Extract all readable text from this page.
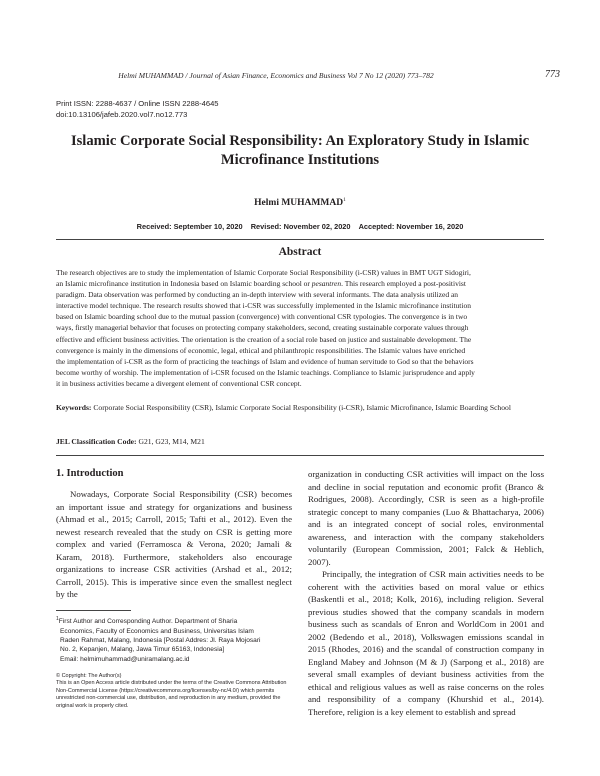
Helmi MUHAMMAD / Journal of Asian Finance, Economics and Business Vol 7 No 12 (2020) 773–782	773
Print ISSN: 2288-4637 / Online ISSN 2288-4645
doi:10.13106/jafeb.2020.vol7.no12.773
Islamic Corporate Social Responsibility: An Exploratory Study in Islamic
Microfinance Institutions
Helmi MUHAMMAD$^1$
Received: September 10, 2020 Revised: November 02, 2020 Accepted: November 16, 2020
Abstract
The research objectives are to study the implementation of Islamic Corporate Social Responsibility (i-CSR) values in BMT UGT Sidogiri,
an Islamic microfinance institution in Indonesia based on Islamic boarding school or pesantren. This research employed a post-positivist
paradigm. Data observation was performed by conducting an in-depth interview with several informants. The data analysis utilized an
interactive model technique. The research results showed that i-CSR was successfully implemented in the Islamic microfinance institution
based on Islamic boarding school due to the mutual passion (convergence) with conventional CSR typologies. The convergence is in two
ways, firstly managerial behavior that focuses on protecting company stakeholders, second, creating sustainable corporate values through
effective and efficient business activities. The orientation is the creation of a social role based on justice and sustainable development. The
convergence is mainly in the dimensions of economic, legal, ethical and philanthropic responsibilities. The Islamic values have enriched
the implementation of i-CSR as the form of practicing the teachings of Islam and evidence of human servitude to God so that the behaviors
become worthy of worship. The implementation of i-CSR focused on the Islamic teachings. Compliance to Islamic jurisprudence and apply
it in business activities became a divergent element of conventional CSR concept.
Keywords: Corporate Social Responsibility (CSR), Islamic Corporate Social Responsibility (i-CSR), Islamic Microfinance, Islamic Boarding School
JEL Classification Code: G21, G23, M14, M21
1. Introduction

Nowadays, Corporate Social Responsibility (CSR) becomes an important issue and strategy for organizations and business (Ahmad et al., 2015; Carroll, 2015; Tafti et al., 2012). Even the newest research revealed that the study on CSR is getting more complex and varied (Ferramosca & Verona, 2020; Jamali & Karam, 2018). Furthermore, stakeholders also encourage organizations to increase CSR activities (Arshad et al., 2012; Carroll, 2015). This is imperative since even the smallest neglect by the

organization in conducting CSR activities will impact on the loss and decline in social reputation and economic profit (Branco & Rodrigues, 2008). Accordingly, CSR is seen as a high-profile strategic concept to many companies (Luo & Bhattacharya, 2006) and is an integrated concept of social roles, environmental awareness, and interaction with the company stakeholders voluntarily (European Commission, 2001; Falck & Heblich, 2007).

Principally, the integration of CSR main activities needs to be coherent with the activities based on moral value or ethics (Baskentli et al., 2018; Kolk, 2016), including religion. Several previous studies showed that the company scandals in modern business such as scandals of Enron and WorldCom in 2001 and 2002 (Bedendo et al., 2018), Volkswagen emissions scandal in 2015 (Rhodes, 2016) and the scandal of construction company in England Mabey and Johnson (M & J) (Sarpong et al., 2018) are several small examples of deviant business activities from the ethical and religious values as well as raise concerns on the roles and responsibility of a company (Khurshid et al., 2014). Therefore, religion is a key element to establish and spread

$^1$First Author and Corresponding Author. Department of Sharia
Economics, Faculty of Economics and Business, Universitas Islam
Raden Rahmat, Malang, Indonesia [Postal Addres: Jl. Raya Mojosari
No. 2, Kepanjen, Malang, Jawa Timur 65163, Indonesia]
Email: helmimuhammad@uniramalang.ac.id
© Copyright: The Author(s)
This is an Open Access article distributed under the terms of the Creative Commons Attribution
Non-Commercial License (https://creativecommons.org/licenses/by-nc/4.0/) which permits
unrestricted non-commercial use, distribution, and reproduction in any medium, provided the
original work is properly cited.
